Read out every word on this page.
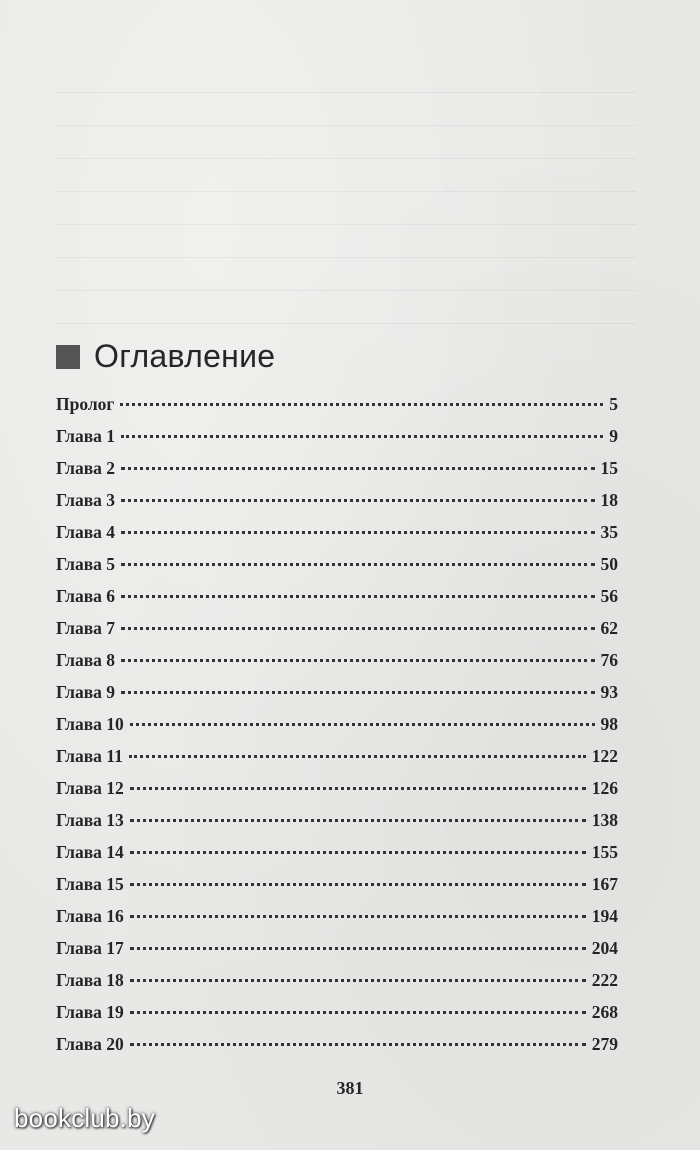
Оглавление
Пролог	5
Глава 1	9
Глава 2	15
Глава 3	18
Глава 4	35
Глава 5	50
Глава 6	56
Глава 7	62
Глава 8	76
Глава 9	93
Глава 10	98
Глава 11	122
Глава 12	126
Глава 13	138
Глава 14	155
Глава 15	167
Глава 16	194
Глава 17	204
Глава 18	222
Глава 19	268
Глава 20	279
381
bookclub.by
